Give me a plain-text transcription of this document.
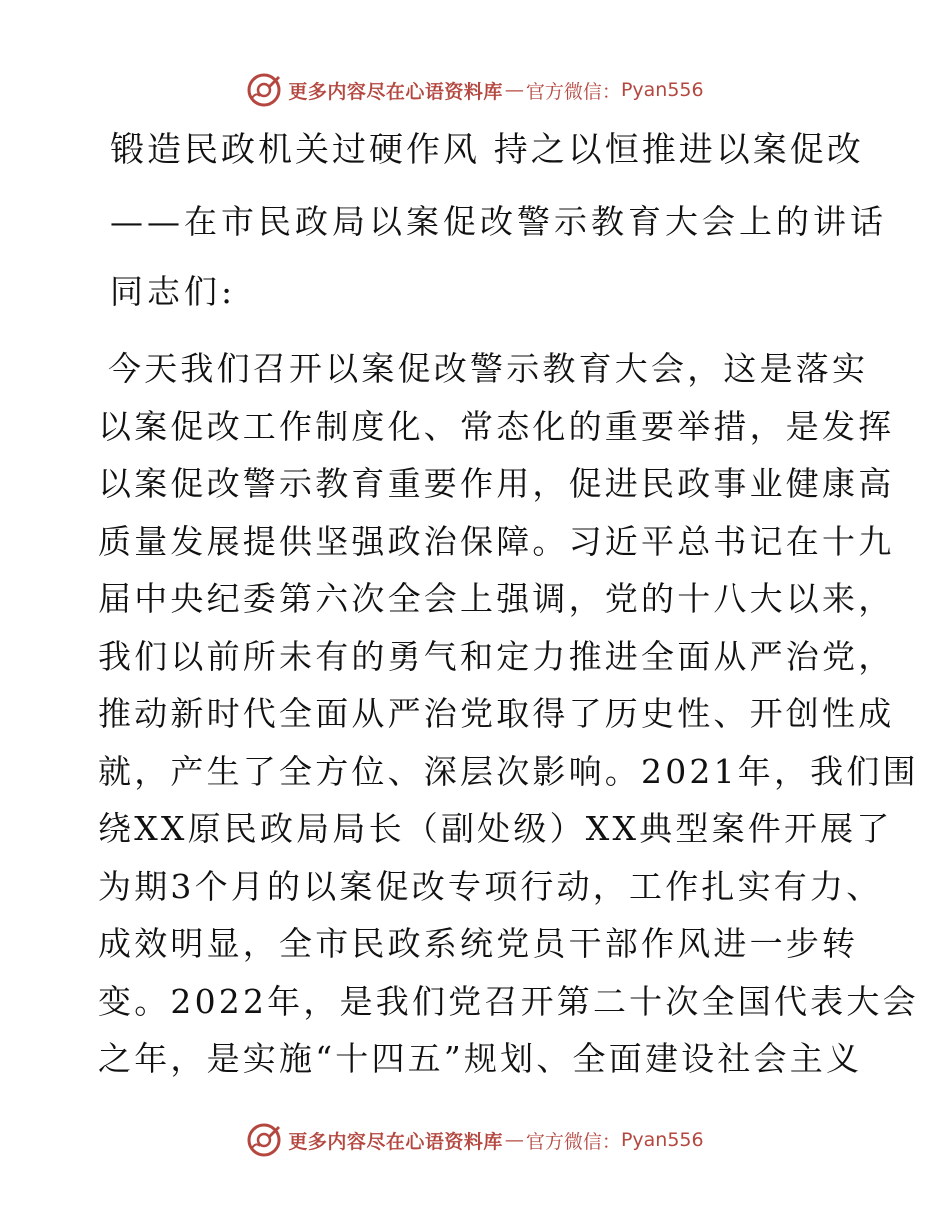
更多内容尽在心语资料库 — 官方微信： Pyan556
锻造民政机关过硬作风 持之以恒推进以案促改
——在市民政局以案促改警示教育大会上的讲话
同志们:
今天我们召开以案促改警示教育大会，这是落实
以案促改工作制度化、常态化的重要举措，是发挥
以案促改警示教育重要作用，促进民政事业健康高
质量发展提供坚强政治保障。习近平总书记在十九
届中央纪委第六次全会上强调，党的十八大以来，
我们以前所未有的勇气和定力推进全面从严治党，
推动新时代全面从严治党取得了历史性、开创性成
就，产生了全方位、深层次影响。2021年，我们围
绕XX原民政局局长（副处级）XX典型案件开展了
为期3个月的以案促改专项行动，工作扎实有力、
成效明显，全市民政系统党员干部作风进一步转
变。2022年，是我们党召开第二十次全国代表大会
之年，是实施“十四五”规划、全面建设社会主义
更多内容尽在心语资料库 — 官方微信： Pyan556
